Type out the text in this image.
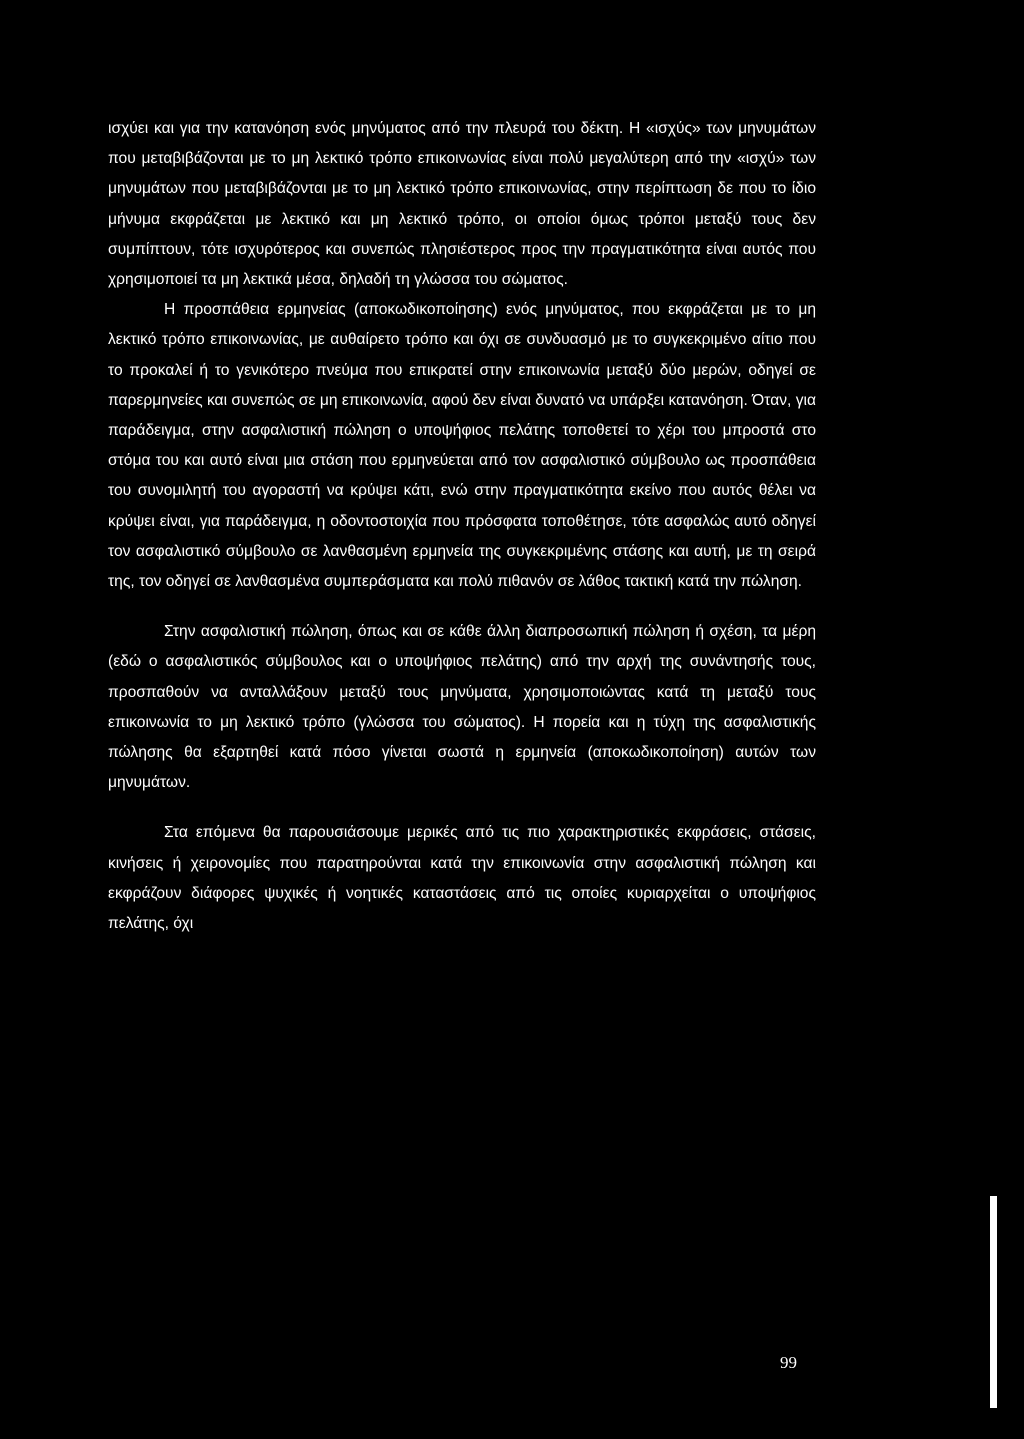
ισχύει και για την κατανόηση ενός μηνύματος από την πλευρά του δέκτη. Η «ισχύς» των μηνυμάτων που μεταβιβάζονται με το μη λεκτικό τρόπο επικοινωνίας είναι πολύ μεγαλύτερη από την «ισχύ» των μηνυμάτων που μεταβιβάζονται με το μη λεκτικό τρόπο επικοινωνίας, στην περίπτωση δε που το ίδιο μήνυμα εκφράζεται με λεκτικό και μη λεκτικό τρόπο, οι οποίοι όμως τρόποι μεταξύ τους δεν συμπίπτουν, τότε ισχυρότερος και συνεπώς πλησιέστερος προς την πραγματικότητα είναι αυτός που χρησιμοποιεί τα μη λεκτικά μέσα, δηλαδή τη γλώσσα του σώματος.

Η προσπάθεια ερμηνείας (αποκωδικοποίησης) ενός μηνύματος, που εκφράζεται με το μη λεκτικό τρόπο επικοινωνίας, με αυθαίρετο τρόπο και όχι σε συνδυασμό με το συγκεκριμένο αίτιο που το προκαλεί ή το γενικότερο πνεύμα που επικρατεί στην επικοινωνία μεταξύ δύο μερών, οδηγεί σε παρερμηνείες και συνεπώς σε μη επικοινωνία, αφού δεν είναι δυνατό να υπάρξει κατανόηση. Όταν, για παράδειγμα, στην ασφαλιστική πώληση ο υποψήφιος πελάτης τοποθετεί το χέρι του μπροστά στο στόμα του και αυτό είναι μια στάση που ερμηνεύεται από τον ασφαλιστικό σύμβουλο ως προσπάθεια του συνομιλητή του αγοραστή να κρύψει κάτι, ενώ στην πραγματικότητα εκείνο που αυτός θέλει να κρύψει είναι, για παράδειγμα, η οδοντοστοιχία που πρόσφατα τοποθέτησε, τότε ασφαλώς αυτό οδηγεί τον ασφαλιστικό σύμβουλο σε λανθασμένη ερμηνεία της συγκεκριμένης στάσης και αυτή, με τη σειρά της, τον οδηγεί σε λανθασμένα συμπεράσματα και πολύ πιθανόν σε λάθος τακτική κατά την πώληση.

Στην ασφαλιστική πώληση, όπως και σε κάθε άλλη διαπροσωπική πώληση ή σχέση, τα μέρη (εδώ ο ασφαλιστικός σύμβουλος και ο υποψήφιος πελάτης) από την αρχή της συνάντησής τους, προσπαθούν να ανταλλάξουν μεταξύ τους μηνύματα, χρησιμοποιώντας κατά τη μεταξύ τους επικοινωνία το μη λεκτικό τρόπο (γλώσσα του σώματος). Η πορεία και η τύχη της ασφαλιστικής πώλησης θα εξαρτηθεί κατά πόσο γίνεται σωστά η ερμηνεία (αποκωδικοποίηση) αυτών των μηνυμάτων.

Στα επόμενα θα παρουσιάσουμε μερικές από τις πιο χαρακτηριστικές εκφράσεις, στάσεις, κινήσεις ή χειρονομίες που παρατηρούνται κατά την επικοινωνία στην ασφαλιστική πώληση και εκφράζουν διάφορες ψυχικές ή νοητικές καταστάσεις από τις οποίες κυριαρχείται ο υποψήφιος πελάτης, όχι

99
